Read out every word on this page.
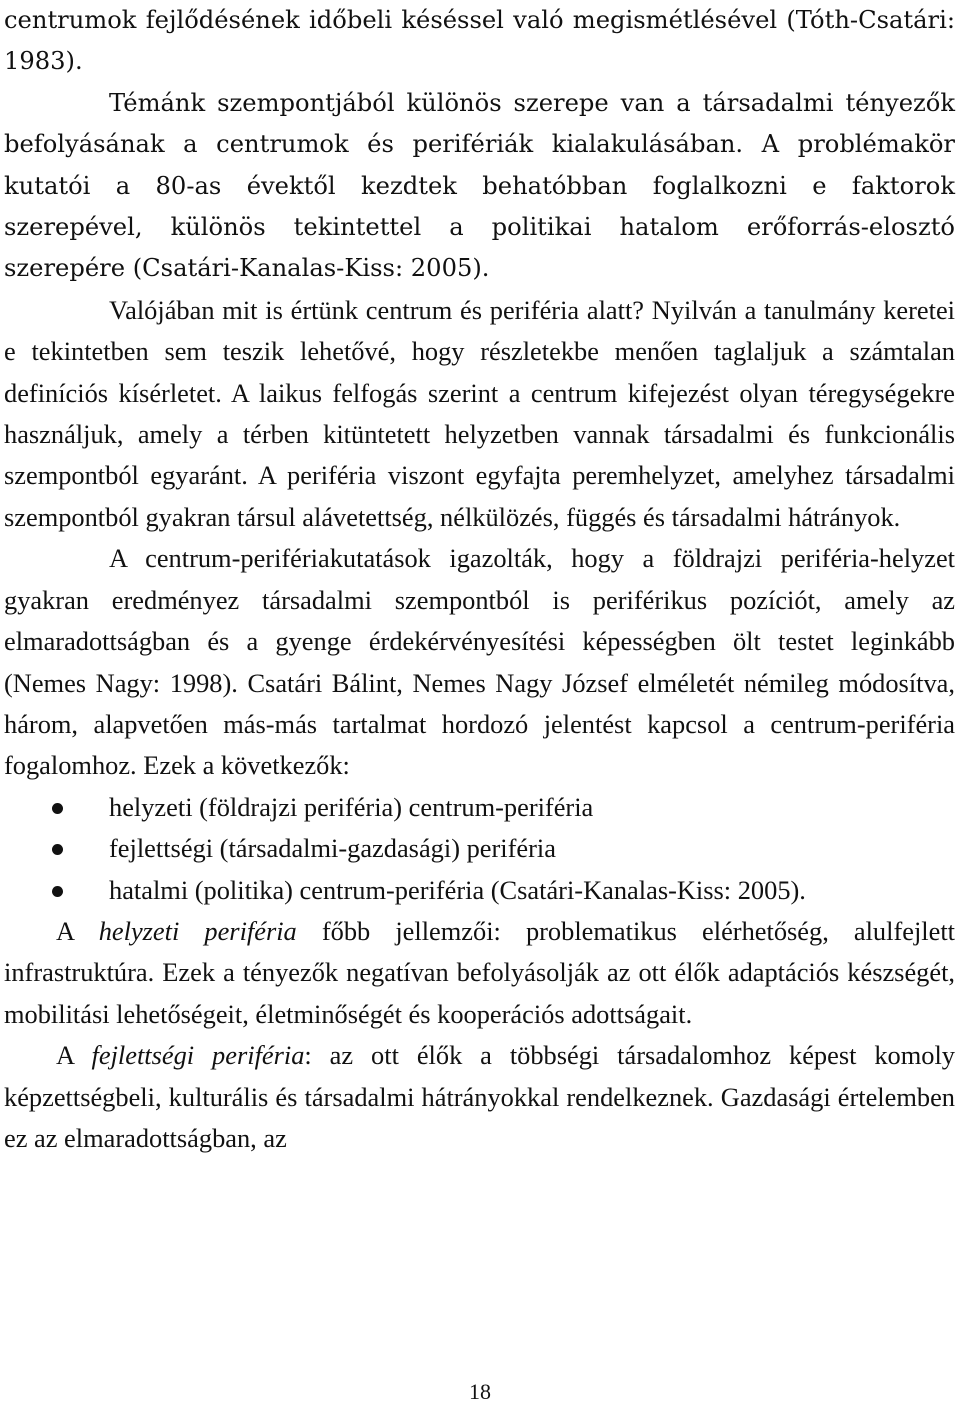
centrumok fejlődésének időbeli késéssel való megismétlésével (Tóth-Csatári: 1983).

Témánk szempontjából különös szerepe van a társadalmi tényezők befolyásának a centrumok és perifériák kialakulásában. A problémakör kutatói a 80-as évektől kezdtek behatóbban foglalkozni e faktorok szerepével, különös tekintettel a politikai hatalom erőforrás-elosztó szerepére (Csatári-Kanalas-Kiss: 2005).

Valójában mit is értünk centrum és periféria alatt? Nyilván a tanulmány keretei e tekintetben sem teszik lehetővé, hogy részletekbe menően taglaljuk a számtalan definíciós kísérletet. A laikus felfogás szerint a centrum kifejezést olyan téregységekre használjuk, amely a térben kitüntetett helyzetben vannak társadalmi és funkcionális szempontból egyaránt. A periféria viszont egyfajta peremhelyzet, amelyhez társadalmi szempontból gyakran társul alávetettség, nélkülözés, függés és társadalmi hátrányok.

A centrum-perifériakutatások igazolták, hogy a földrajzi periféria-helyzet gyakran eredményez társadalmi szempontból is periférikus pozíciót, amely az elmaradottságban és a gyenge érdekérvényesítési képességben ölt testet leginkább (Nemes Nagy: 1998). Csatári Bálint, Nemes Nagy József elméletét némileg módosítva, három, alapvetően más-más tartalmat hordozó jelentést kapcsol a centrum-periféria fogalomhoz. Ezek a következők:

helyzeti (földrajzi periféria) centrum-periféria
fejlettségi (társadalmi-gazdasági) periféria
hatalmi (politika) centrum-periféria (Csatári-Kanalas-Kiss: 2005).

A helyzeti periféria főbb jellemzői: problematikus elérhetőség, alulfejlett infrastruktúra. Ezek a tényezők negatívan befolyásolják az ott élők adaptációs készségét, mobilitási lehetőségeit, életminőségét és kooperációs adottságait.

A fejlettségi periféria: az ott élők a többségi társadalomhoz képest komoly képzettségbeli, kulturális és társadalmi hátrányokkal rendelkeznek. Gazdasági értelemben ez az elmaradottságban, az

18
